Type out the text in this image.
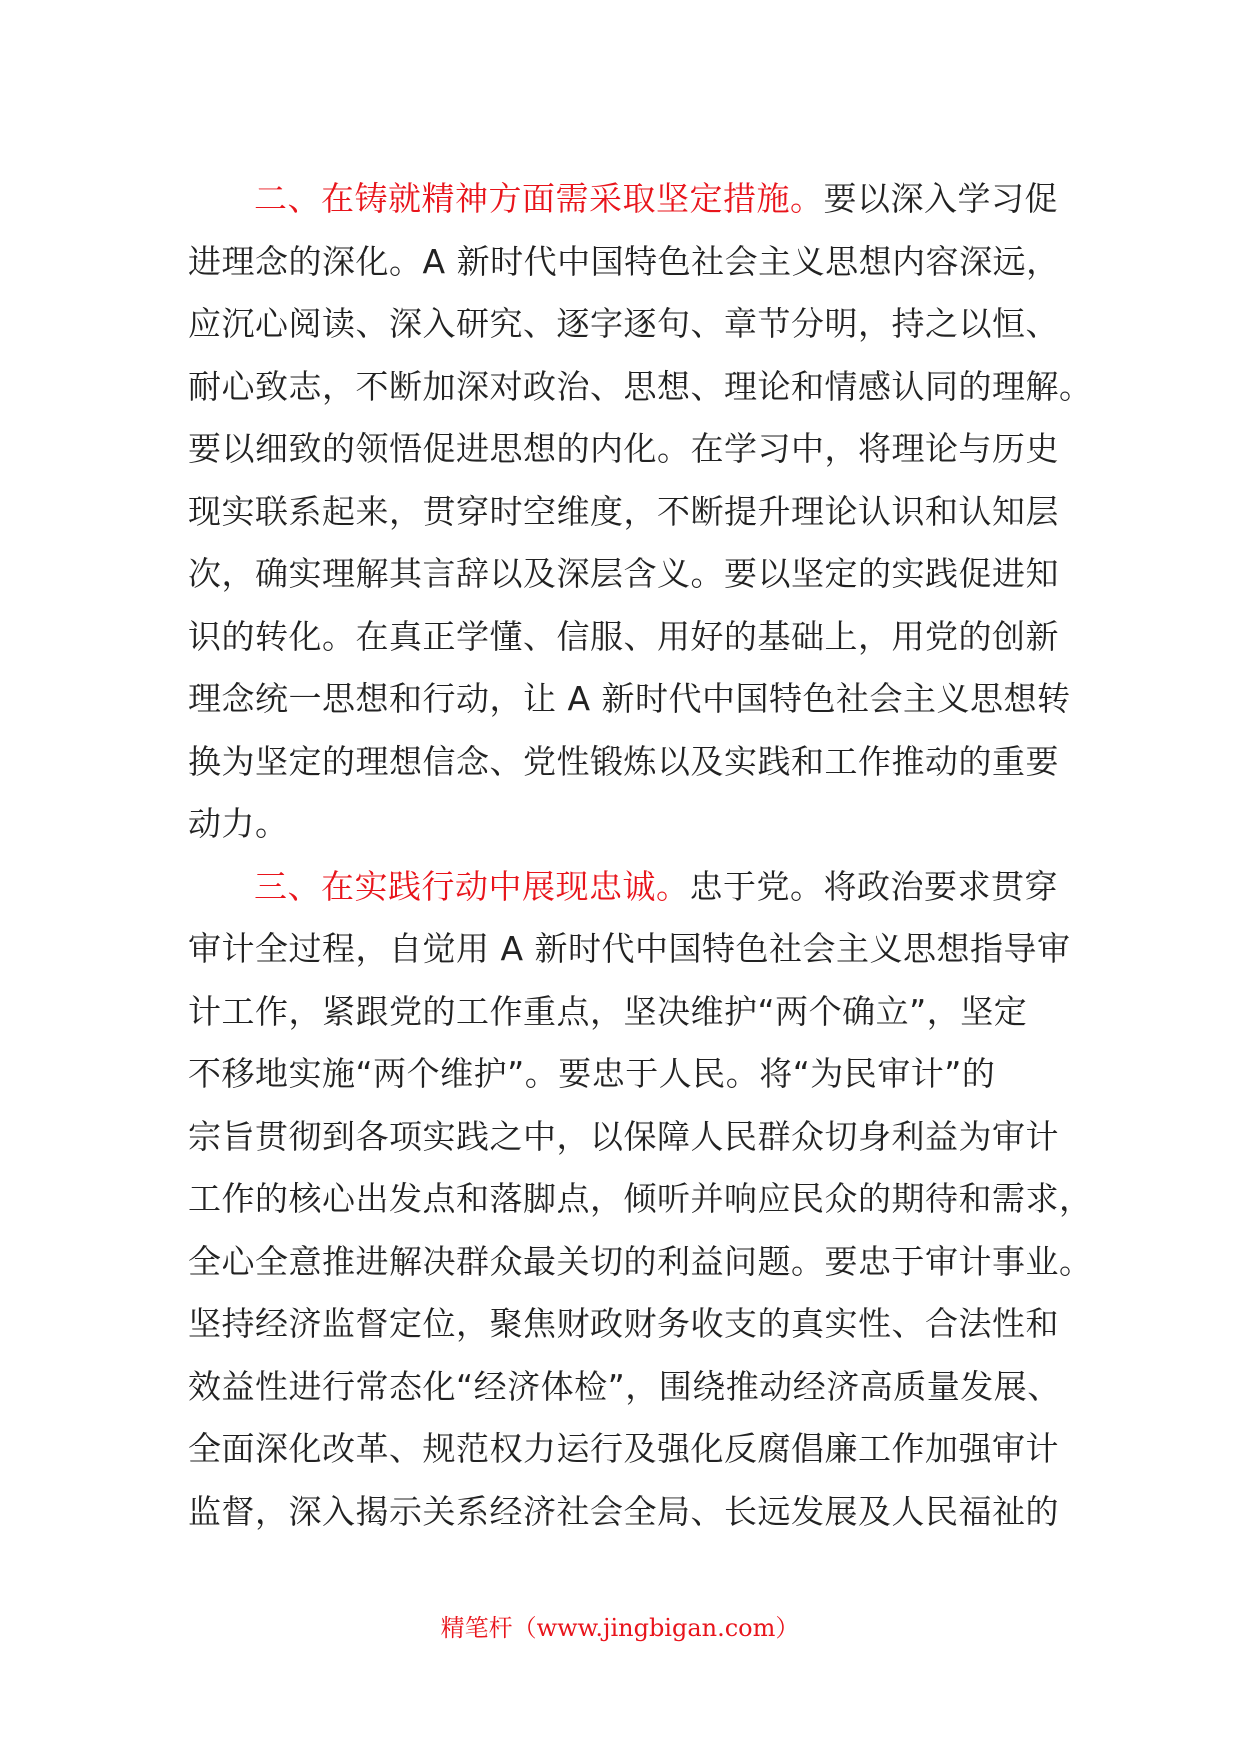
二、在铸就精神方面需采取坚定措施。要以深入学习促
进理念的深化。A 新时代中国特色社会主义思想内容深远，
应沉心阅读、深入研究、逐字逐句、章节分明，持之以恒、
耐心致志，不断加深对政治、思想、理论和情感认同的理解。
要以细致的领悟促进思想的内化。在学习中，将理论与历史
现实联系起来，贯穿时空维度，不断提升理论认识和认知层
次，确实理解其言辞以及深层含义。要以坚定的实践促进知
识的转化。在真正学懂、信服、用好的基础上，用党的创新
理念统一思想和行动，让 A 新时代中国特色社会主义思想转
换为坚定的理想信念、党性锻炼以及实践和工作推动的重要
动力。
三、在实践行动中展现忠诚。忠于党。将政治要求贯穿
审计全过程，自觉用 A 新时代中国特色社会主义思想指导审
计工作，紧跟党的工作重点，坚决维护“两个确立”，坚定
不移地实施“两个维护”。要忠于人民。将“为民审计”的
宗旨贯彻到各项实践之中，以保障人民群众切身利益为审计
工作的核心出发点和落脚点，倾听并响应民众的期待和需求，
全心全意推进解决群众最关切的利益问题。要忠于审计事业。
坚持经济监督定位，聚焦财政财务收支的真实性、合法性和
效益性进行常态化“经济体检”，围绕推动经济高质量发展、
全面深化改革、规范权力运行及强化反腐倡廉工作加强审计
监督，深入揭示关系经济社会全局、长远发展及人民福祉的
精笔杆（www.jingbigan.com）
